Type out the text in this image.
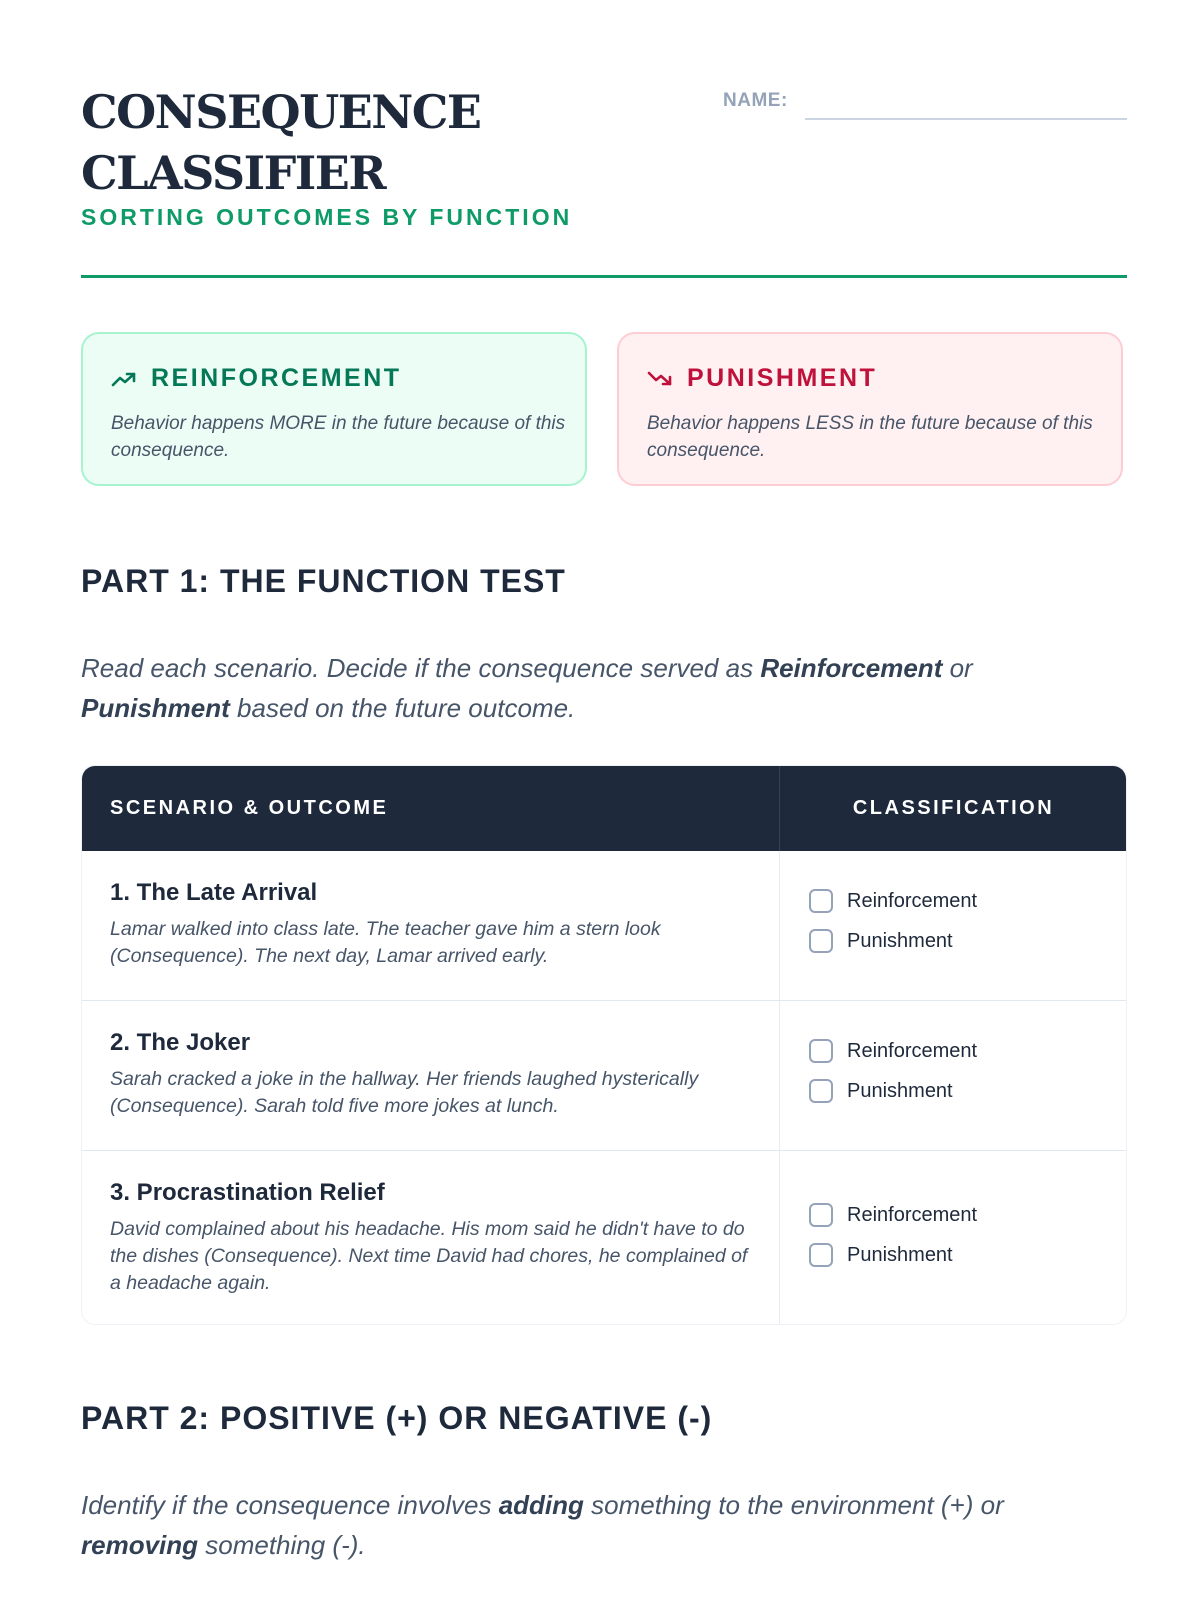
CONSEQUENCE CLASSIFIER
SORTING OUTCOMES BY FUNCTION
NAME:
REINFORCEMENT
Behavior happens MORE in the future because of this consequence.
PUNISHMENT
Behavior happens LESS in the future because of this consequence.
PART 1: THE FUNCTION TEST
Read each scenario. Decide if the consequence served as Reinforcement or
Punishment based on the future outcome.
SCENARIO & OUTCOME	CLASSIFICATION
1. The Late Arrival
Lamar walked into class late. The teacher gave him a stern look (Consequence). The next day, Lamar arrived early.
Reinforcement
Punishment
2. The Joker
Sarah cracked a joke in the hallway. Her friends laughed hysterically (Consequence). Sarah told five more jokes at lunch.
Reinforcement
Punishment
3. Procrastination Relief
David complained about his headache. His mom said he didn't have to do the dishes (Consequence). Next time David had chores, he complained of a headache again.
Reinforcement
Punishment
PART 2: POSITIVE (+) OR NEGATIVE (-)
Identify if the consequence involves adding something to the environment (+) or
removing something (-).
